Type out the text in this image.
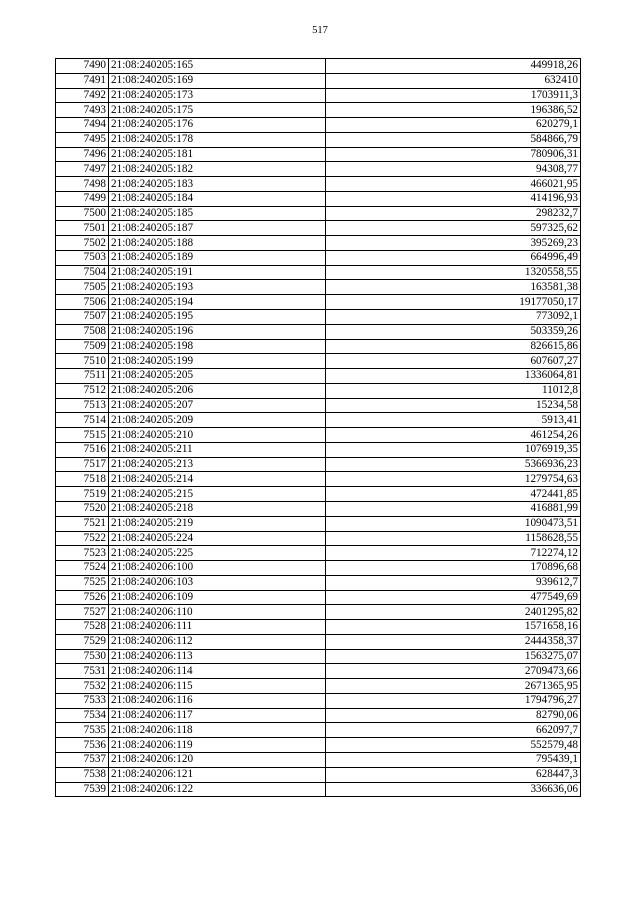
517
7490	21:08:240205:165	449918,26
7491	21:08:240205:169	632410
7492	21:08:240205:173	1703911,3
7493	21:08:240205:175	196386,52
7494	21:08:240205:176	620279,1
7495	21:08:240205:178	584866,79
7496	21:08:240205:181	780906,31
7497	21:08:240205:182	94308,77
7498	21:08:240205:183	466021,95
7499	21:08:240205:184	414196,93
7500	21:08:240205:185	298232,7
7501	21:08:240205:187	597325,62
7502	21:08:240205:188	395269,23
7503	21:08:240205:189	664996,49
7504	21:08:240205:191	1320558,55
7505	21:08:240205:193	163581,38
7506	21:08:240205:194	19177050,17
7507	21:08:240205:195	773092,1
7508	21:08:240205:196	503359,26
7509	21:08:240205:198	826615,86
7510	21:08:240205:199	607607,27
7511	21:08:240205:205	1336064,81
7512	21:08:240205:206	11012,8
7513	21:08:240205:207	15234,58
7514	21:08:240205:209	5913,41
7515	21:08:240205:210	461254,26
7516	21:08:240205:211	1076919,35
7517	21:08:240205:213	5366936,23
7518	21:08:240205:214	1279754,63
7519	21:08:240205:215	472441,85
7520	21:08:240205:218	416881,99
7521	21:08:240205:219	1090473,51
7522	21:08:240205:224	1158628,55
7523	21:08:240205:225	712274,12
7524	21:08:240206:100	170896,68
7525	21:08:240206:103	939612,7
7526	21:08:240206:109	477549,69
7527	21:08:240206:110	2401295,82
7528	21:08:240206:111	1571658,16
7529	21:08:240206:112	2444358,37
7530	21:08:240206:113	1563275,07
7531	21:08:240206:114	2709473,66
7532	21:08:240206:115	2671365,95
7533	21:08:240206:116	1794796,27
7534	21:08:240206:117	82790,06
7535	21:08:240206:118	662097,7
7536	21:08:240206:119	552579,48
7537	21:08:240206:120	795439,1
7538	21:08:240206:121	628447,3
7539	21:08:240206:122	336636,06
